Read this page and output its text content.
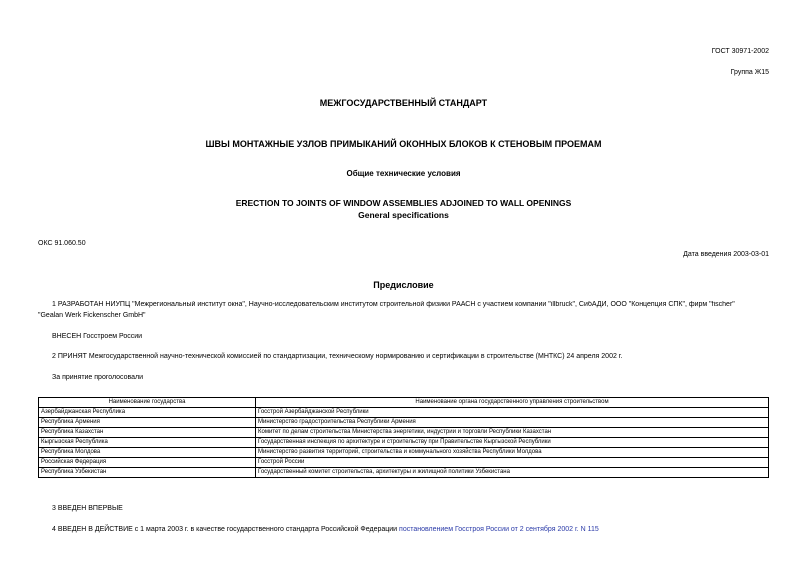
ГОСТ 30971-2002
Группа Ж15
МЕЖГОСУДАРСТВЕННЫЙ СТАНДАРТ
ШВЫ МОНТАЖНЫЕ УЗЛОВ ПРИМЫКАНИЙ ОКОННЫХ БЛОКОВ К СТЕНОВЫМ ПРОЕМАМ
Общие технические условия
ERECTION TO JOINTS OF WINDOW ASSEMBLIES ADJOINED TO WALL OPENINGS
General specifications
ОКС 91.060.50
Дата введения 2003-03-01
Предисловие
1 РАЗРАБОТАН НИУПЦ "Межрегиональный институт окна", Научно-исследовательским институтом строительной физики РААСН с участием компании "illbruck", СибАДИ, ООО "Концепция СПК", фирм "fischer"
"Gealan Werk Fickenscher GmbH"
ВНЕСЕН Госстроем России
2 ПРИНЯТ Межгосударственной научно-технической комиссией по стандартизации, техническому нормированию и сертификации в строительстве (МНТКС) 24 апреля 2002 г.
За принятие проголосовали
Наименование государства	Наименование органа государственного управления строительством
Азербайджанская Республика	Госстрой Азербайджанской Республики
Республика Армения	Министерство градостроительства Республики Армения
Республика Казахстан	Комитет по делам строительства Министерства энергетики, индустрии и торговли Республики Казахстан
Кыргызская Республика	Государственная инспекция по архитектуре и строительству при Правительстве Кыргызской Республики
Республика Молдова	Министерство развития территорий, строительства и коммунального хозяйства Республики Молдова
Российская Федерация	Госстрой России
Республика Узбекистан	Государственный комитет строительства, архитектуры и жилищной политики Узбекистана
3 ВВЕДЕН ВПЕРВЫЕ
4 ВВЕДЕН В ДЕЙСТВИЕ с 1 марта 2003 г. в качестве государственного стандарта Российской Федерации постановлением Госстроя России от 2 сентября 2002 г. N 115
